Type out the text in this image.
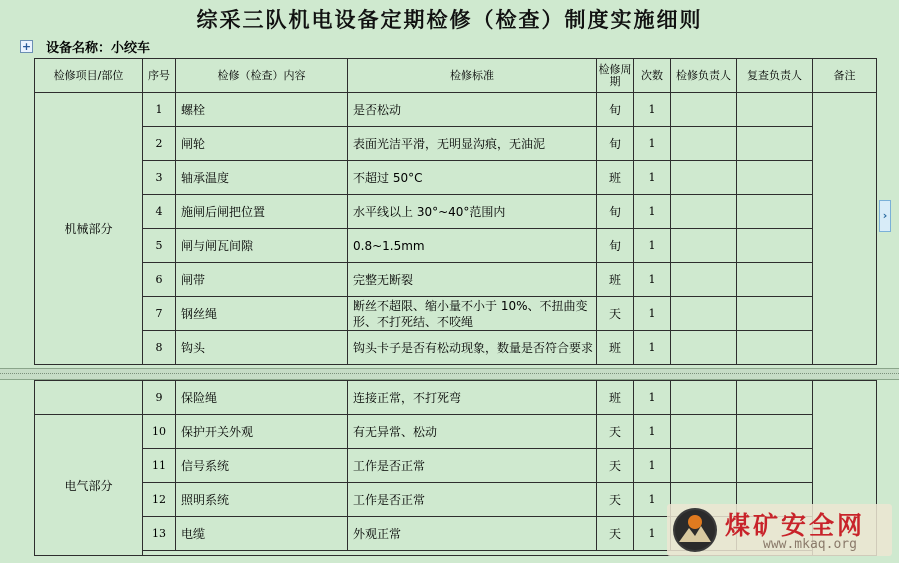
综采三队机电设备定期检修（检查）制度实施细则
+ 设备名称：小绞车
›
检修项目/部位	序号	检修（检查）内容	检修标准	检修周期	次数	检修负责人	复查负责人	备注
机械部分	1	螺栓	是否松动	旬	1			
	2	闸轮	表面光洁平滑，无明显沟痕，无油泥	旬	1			
	3	轴承温度	不超过 50°C	班	1			
	4	施闸后闸把位置	水平线以上 30°~40°范围内	旬	1			
	5	闸与闸瓦间隙	0.8~1.5mm	旬	1			
	6	闸带	完整无断裂	班	1			
	7	钢丝绳	断丝不超限、缩小量不小于 10%、不扭曲变形、不打死结、不咬绳	天	1			
	8	钩头	钩头卡子是否有松动现象，数量是否符合要求	班	1			
	9	保险绳	连接正常，不打死弯	班	1			
电气部分	10	保护开关外观	有无异常、松动	天	1			
	11	信号系统	工作是否正常	天	1			
	12	照明系统	工作是否正常	天	1			
	13	电缆	外观正常	天	1				煤矿安全网
www.mkaq.org
